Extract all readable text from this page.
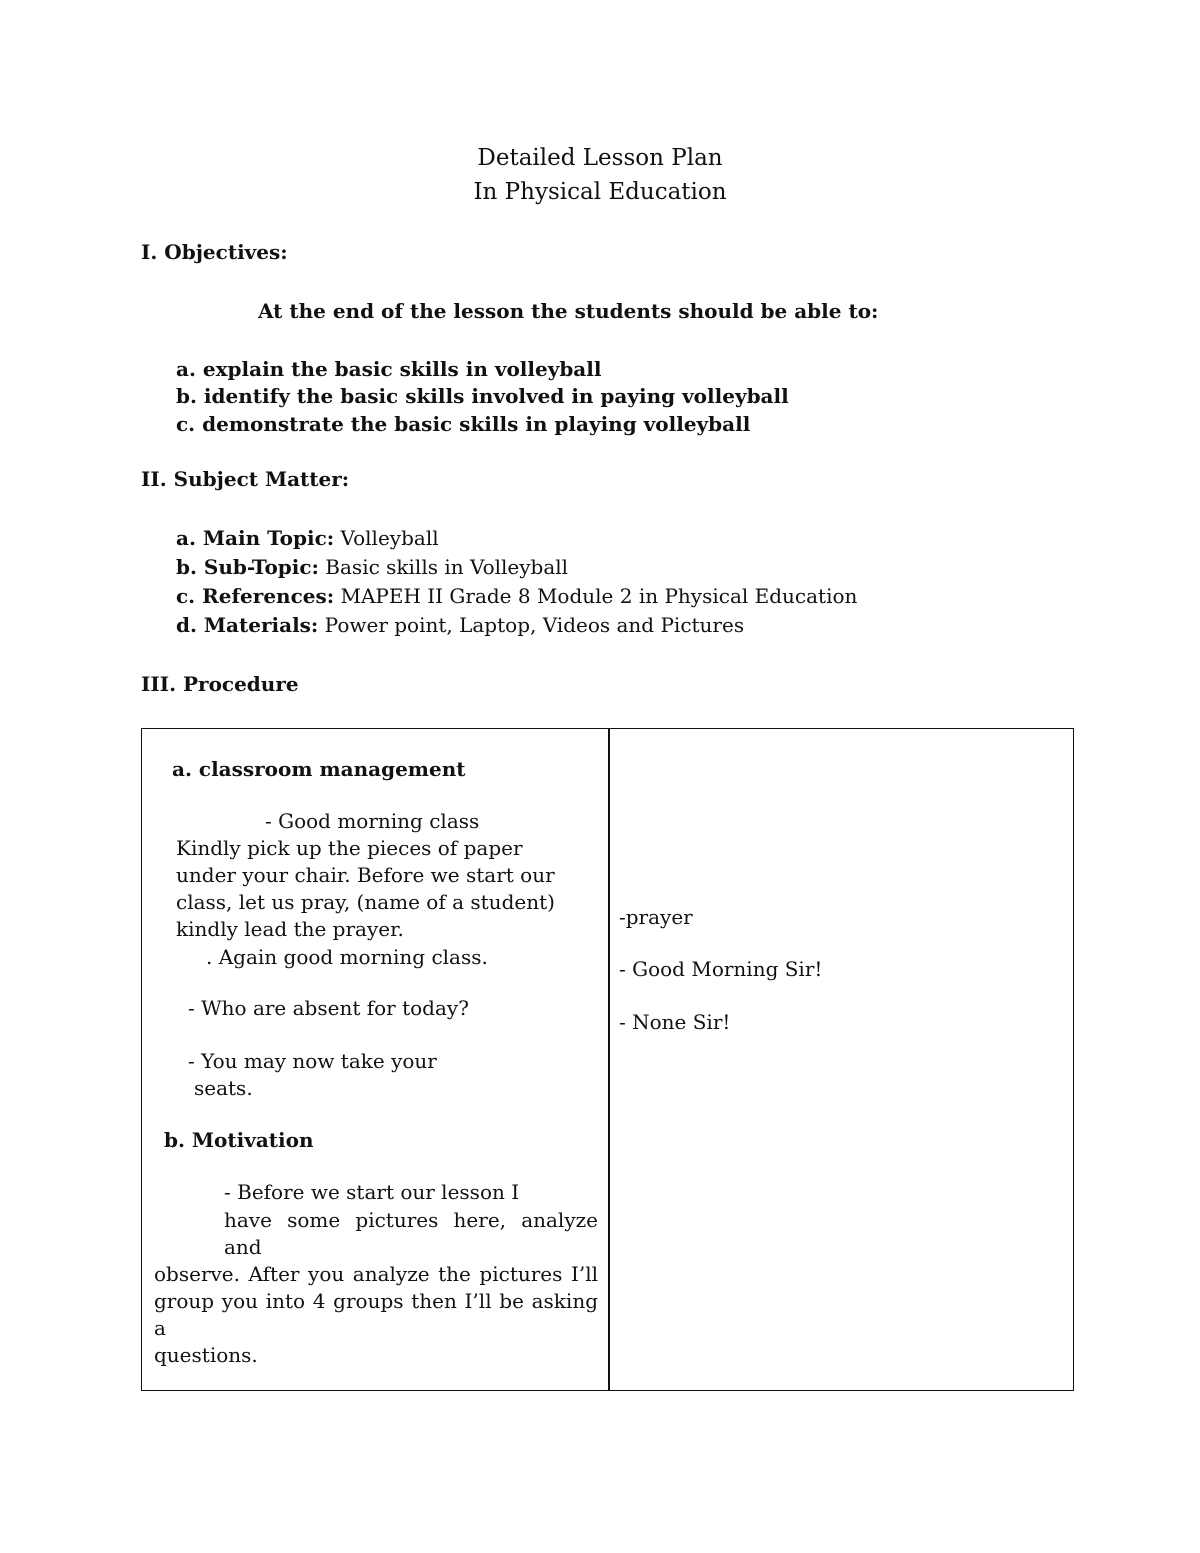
Detailed Lesson Plan
In Physical Education
I. Objectives:
At the end of the lesson the students should be able to:
a. explain the basic skills in volleyball
b. identify the basic skills involved in paying volleyball
c. demonstrate the basic skills in playing volleyball
II. Subject Matter:
a. Main Topic: Volleyball
b. Sub-Topic: Basic skills in Volleyball
c. References: MAPEH II Grade 8 Module 2 in Physical Education
d. Materials: Power point, Laptop, Videos and Pictures
III. Procedure
a. classroom management
- Good morning class
Kindly pick up the pieces of paper
under your chair. Before we start our
class, let us pray, (name of a student)
kindly lead the prayer.
. Again good morning class.
- Who are absent for today?
- You may now take your
seats.
b. Motivation
- Before we start our lesson I
have some pictures here, analyze and
observe. After you analyze the pictures I’ll
group you into 4 groups then I’ll be asking a
questions.
-prayer
- Good Morning Sir!
- None Sir!
